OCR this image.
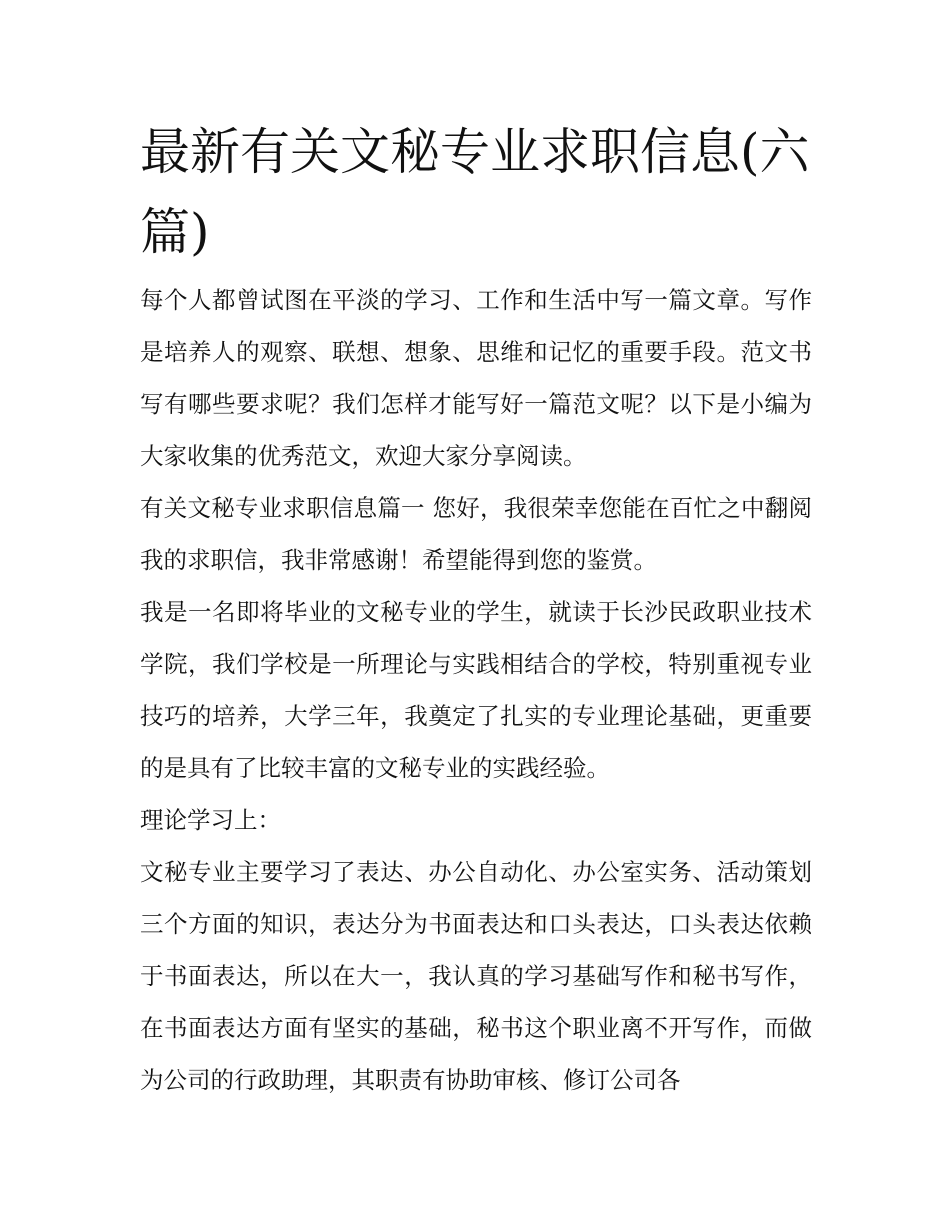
最新有关文秘专业求职信息(六篇)

每个人都曾试图在平淡的学习、工作和生活中写一篇文章。写作是培养人的观察、联想、想象、思维和记忆的重要手段。范文书写有哪些要求呢？我们怎样才能写好一篇范文呢？以下是小编为大家收集的优秀范文，欢迎大家分享阅读。

有关文秘专业求职信息篇一 您好，我很荣幸您能在百忙之中翻阅我的求职信，我非常感谢！希望能得到您的鉴赏。

我是一名即将毕业的文秘专业的学生，就读于长沙民政职业技术学院，我们学校是一所理论与实践相结合的学校，特别重视专业技巧的培养，大学三年，我奠定了扎实的专业理论基础，更重要的是具有了比较丰富的文秘专业的实践经验。

理论学习上：

文秘专业主要学习了表达、办公自动化、办公室实务、活动策划三个方面的知识，表达分为书面表达和口头表达，口头表达依赖于书面表达，所以在大一，我认真的学习基础写作和秘书写作，在书面表达方面有坚实的基础，秘书这个职业离不开写作，而做为公司的行政助理，其职责有协助审核、修订公司各
